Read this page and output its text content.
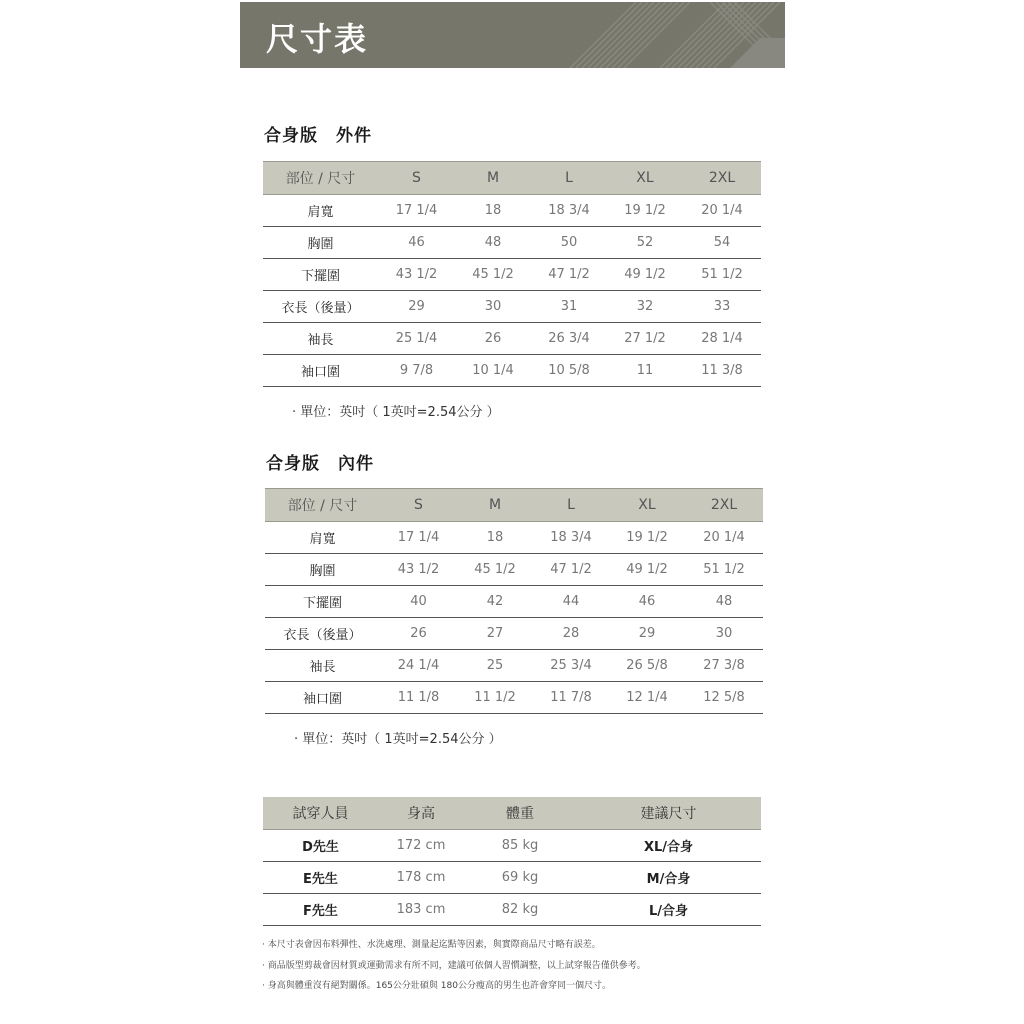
尺寸表
合身版　外件
部位 / 尺寸	S	M	L	XL	2XL
肩寬	17 1/4	18	18 3/4	19 1/2	20 1/4
胸圍	46	48	50	52	54
下擺圍	43 1/2	45 1/2	47 1/2	49 1/2	51 1/2
衣長（後量）	29	30	31	32	33
袖長	25 1/4	26	26 3/4	27 1/2	28 1/4
袖口圍	9 7/8	10 1/4	10 5/8	11	11 3/8
· 單位：英吋（ 1英吋=2.54公分 ）
合身版　內件
部位 / 尺寸	S	M	L	XL	2XL
肩寬	17 1/4	18	18 3/4	19 1/2	20 1/4
胸圍	43 1/2	45 1/2	47 1/2	49 1/2	51 1/2
下擺圍	40	42	44	46	48
衣長（後量）	26	27	28	29	30
袖長	24 1/4	25	25 3/4	26 5/8	27 3/8
袖口圍	11 1/8	11 1/2	11 7/8	12 1/4	12 5/8
· 單位：英吋（ 1英吋=2.54公分 ）
試穿人員	身高	體重	建議尺寸
D先生	172 cm	85 kg	XL/合身
E先生	178 cm	69 kg	M/合身
F先生	183 cm	82 kg	L/合身
· 本尺寸表會因布料彈性、水洗處理、測量起迄點等因素，與實際商品尺寸略有誤差。
· 商品版型剪裁會因材質或運動需求有所不同，建議可依個人習慣調整，以上試穿報告僅供參考。
· 身高與體重沒有絕對關係。165公分壯碩與 180公分瘦高的男生也許會穿同一個尺寸。
